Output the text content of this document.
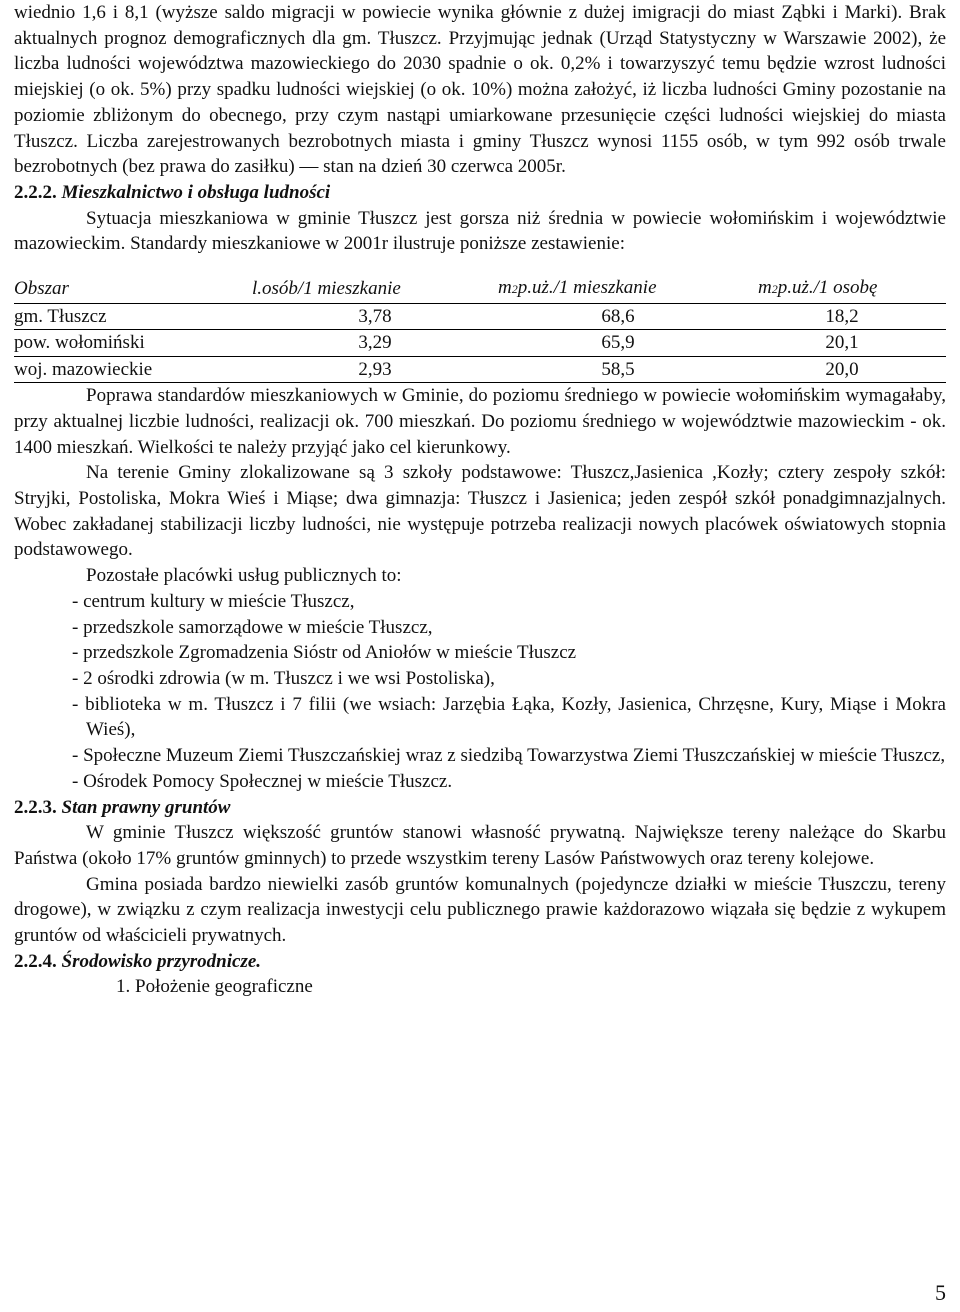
wiednio 1,6 i 8,1 (wyższe saldo migracji w powiecie wynika głównie z dużej imigracji do miast Ząbki i Marki). Brak aktualnych prognoz demograficznych dla gm. Tłuszcz. Przyjmując jednak (Urząd Statystyczny w Warszawie 2002), że liczba ludności województwa mazowieckiego do 2030 spadnie o ok. 0,2% i towarzyszyć temu będzie wzrost ludności miejskiej (o ok. 5%) przy spadku ludności wiejskiej (o ok. 10%) można założyć, iż liczba ludności Gminy pozostanie na poziomie zbliżonym do obecnego, przy czym nastąpi umiarkowane przesunięcie części ludności wiejskiej do miasta Tłuszcz. Liczba zarejestrowanych bezrobotnych miasta i gminy Tłuszcz wynosi 1155 osób, w tym 992 osób trwale bezrobotnych (bez prawa do zasiłku) — stan na dzień 30 czerwca 2005r.

2.2.2. Mieszkalnictwo i obsługa ludności

Sytuacja mieszkaniowa w gminie Tłuszcz jest gorsza niż średnia w powiecie wołomińskim i województwie mazowieckim. Standardy mieszkaniowe w 2001r ilustruje poniższe zestawienie:

Obszar	l.osób/1 mieszkanie	m2p.uż./1 mieszkanie	m2p.uż./1 osobę
gm. Tłuszcz	3,78	68,6	18,2
pow. wołomiński	3,29	65,9	20,1
woj. mazowieckie	2,93	58,5	20,0

Poprawa standardów mieszkaniowych w Gminie, do poziomu średniego w powiecie wołomińskim wymagałaby, przy aktualnej liczbie ludności, realizacji ok. 700 mieszkań. Do poziomu średniego w województwie mazowieckim - ok. 1400 mieszkań. Wielkości te należy przyjąć jako cel kierunkowy.

Na terenie Gminy zlokalizowane są 3 szkoły podstawowe: Tłuszcz,Jasienica ,Kozły; cztery zespoły szkół: Stryjki, Postoliska, Mokra Wieś i Miąse; dwa gimnazja: Tłuszcz i Jasienica; jeden zespół szkół ponadgimnazjalnych. Wobec zakładanej stabilizacji liczby ludności, nie występuje potrzeba realizacji nowych placówek oświatowych stopnia podstawowego.

Pozostałe placówki usług publicznych to:

- centrum kultury w mieście Tłuszcz,
- przedszkole samorządowe w mieście Tłuszcz,
- przedszkole Zgromadzenia Sióstr od Aniołów w mieście Tłuszcz
- 2 ośrodki zdrowia (w m. Tłuszcz i we wsi Postoliska),
- biblioteka w m. Tłuszcz i 7 filii (we wsiach: Jarzębia Łąka, Kozły, Jasienica, Chrzęsne, Kury, Miąse i Mokra Wieś),
- Społeczne Muzeum Ziemi Tłuszczańskiej wraz z siedzibą Towarzystwa Ziemi Tłuszczańskiej w mieście Tłuszcz,
- Ośrodek Pomocy Społecznej w mieście Tłuszcz.
2.2.3. Stan prawny gruntów

W gminie Tłuszcz większość gruntów stanowi własność prywatną. Największe tereny należące do Skarbu Państwa (około 17% gruntów gminnych) to przede wszystkim tereny Lasów Państwowych oraz tereny kolejowe.

Gmina posiada bardzo niewielki zasób gruntów komunalnych (pojedyncze działki w mieście Tłuszczu, tereny drogowe), w związku z czym realizacja inwestycji celu publicznego prawie każdorazowo wiązała się będzie z wykupem gruntów od właścicieli prywatnych.

2.2.4. Środowisko przyrodnicze.
1. Położenie geograficzne
5
